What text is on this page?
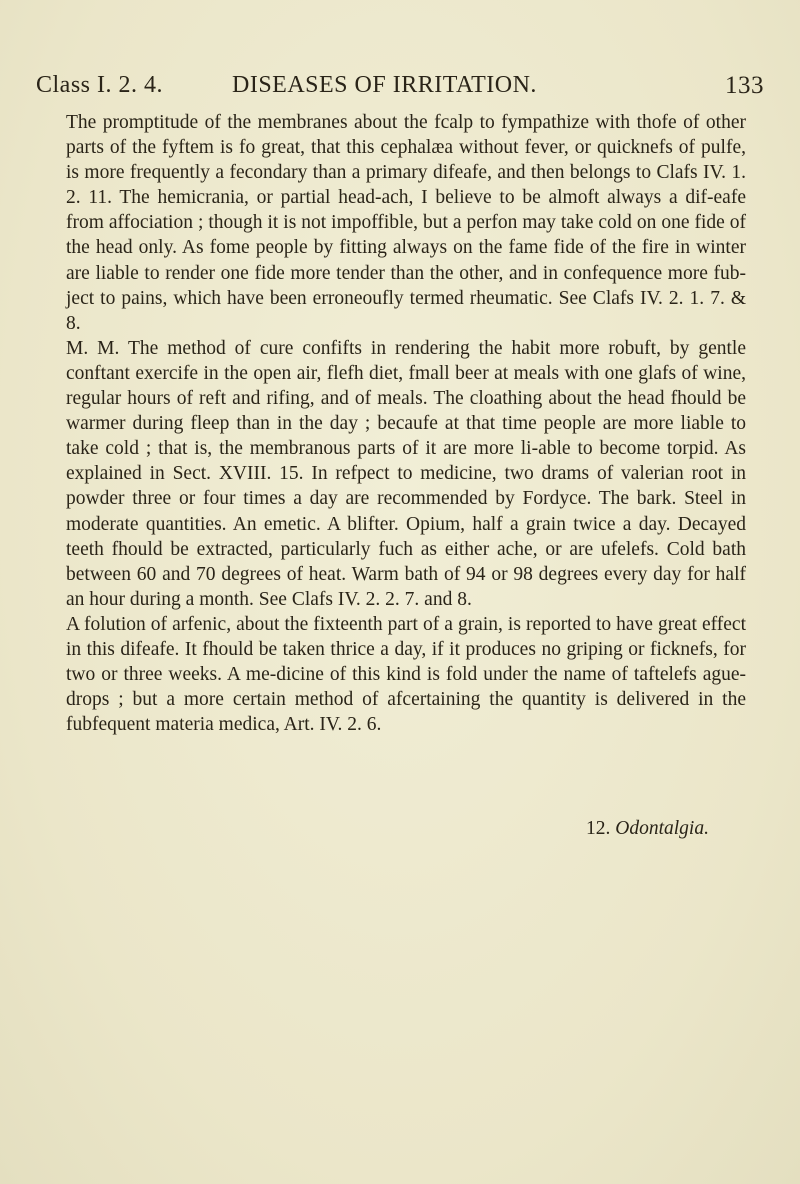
Class I. 2. 4.	DISEASES OF IRRITATION.	133

The promptitude of the membranes about the fcalp to fympathize with thofe of other parts of the fyftem is fo great, that this cephalæa without fever, or quicknefs of pulfe, is more frequently a fecondary than a primary difeafe, and then belongs to Clafs IV. 1. 2. 11. The hemicrania, or partial head-ach, I believe to be almoft always a dif-eafe from affociation ; though it is not impoffible, but a perfon may take cold on one fide of the head only. As fome people by fitting always on the fame fide of the fire in winter are liable to render one fide more tender than the other, and in confequence more fub-ject to pains, which have been erroneoufly termed rheumatic. See Clafs IV. 2. 1. 7. & 8.

M. M. The method of cure confifts in rendering the habit more robuft, by gentle conftant exercife in the open air, flefh diet, fmall beer at meals with one glafs of wine, regular hours of reft and rifing, and of meals. The cloathing about the head fhould be warmer during fleep than in the day ; becaufe at that time people are more liable to take cold ; that is, the membranous parts of it are more li-able to become torpid. As explained in Sect. XVIII. 15. In refpect to medicine, two drams of valerian root in powder three or four times a day are recommended by Fordyce. The bark. Steel in moderate quantities. An emetic. A blifter. Opium, half a grain twice a day. Decayed teeth fhould be extracted, particularly fuch as either ache, or are ufelefs. Cold bath between 60 and 70 degrees of heat. Warm bath of 94 or 98 degrees every day for half an hour during a month. See Clafs IV. 2. 2. 7. and 8.

A folution of arfenic, about the fixteenth part of a grain, is reported to have great effect in this difeafe. It fhould be taken thrice a day, if it produces no griping or ficknefs, for two or three weeks. A me-dicine of this kind is fold under the name of taftelefs ague-drops ; but a more certain method of afcertaining the quantity is delivered in the fubfequent materia medica, Art. IV. 2. 6.

12. Odontalgia.
